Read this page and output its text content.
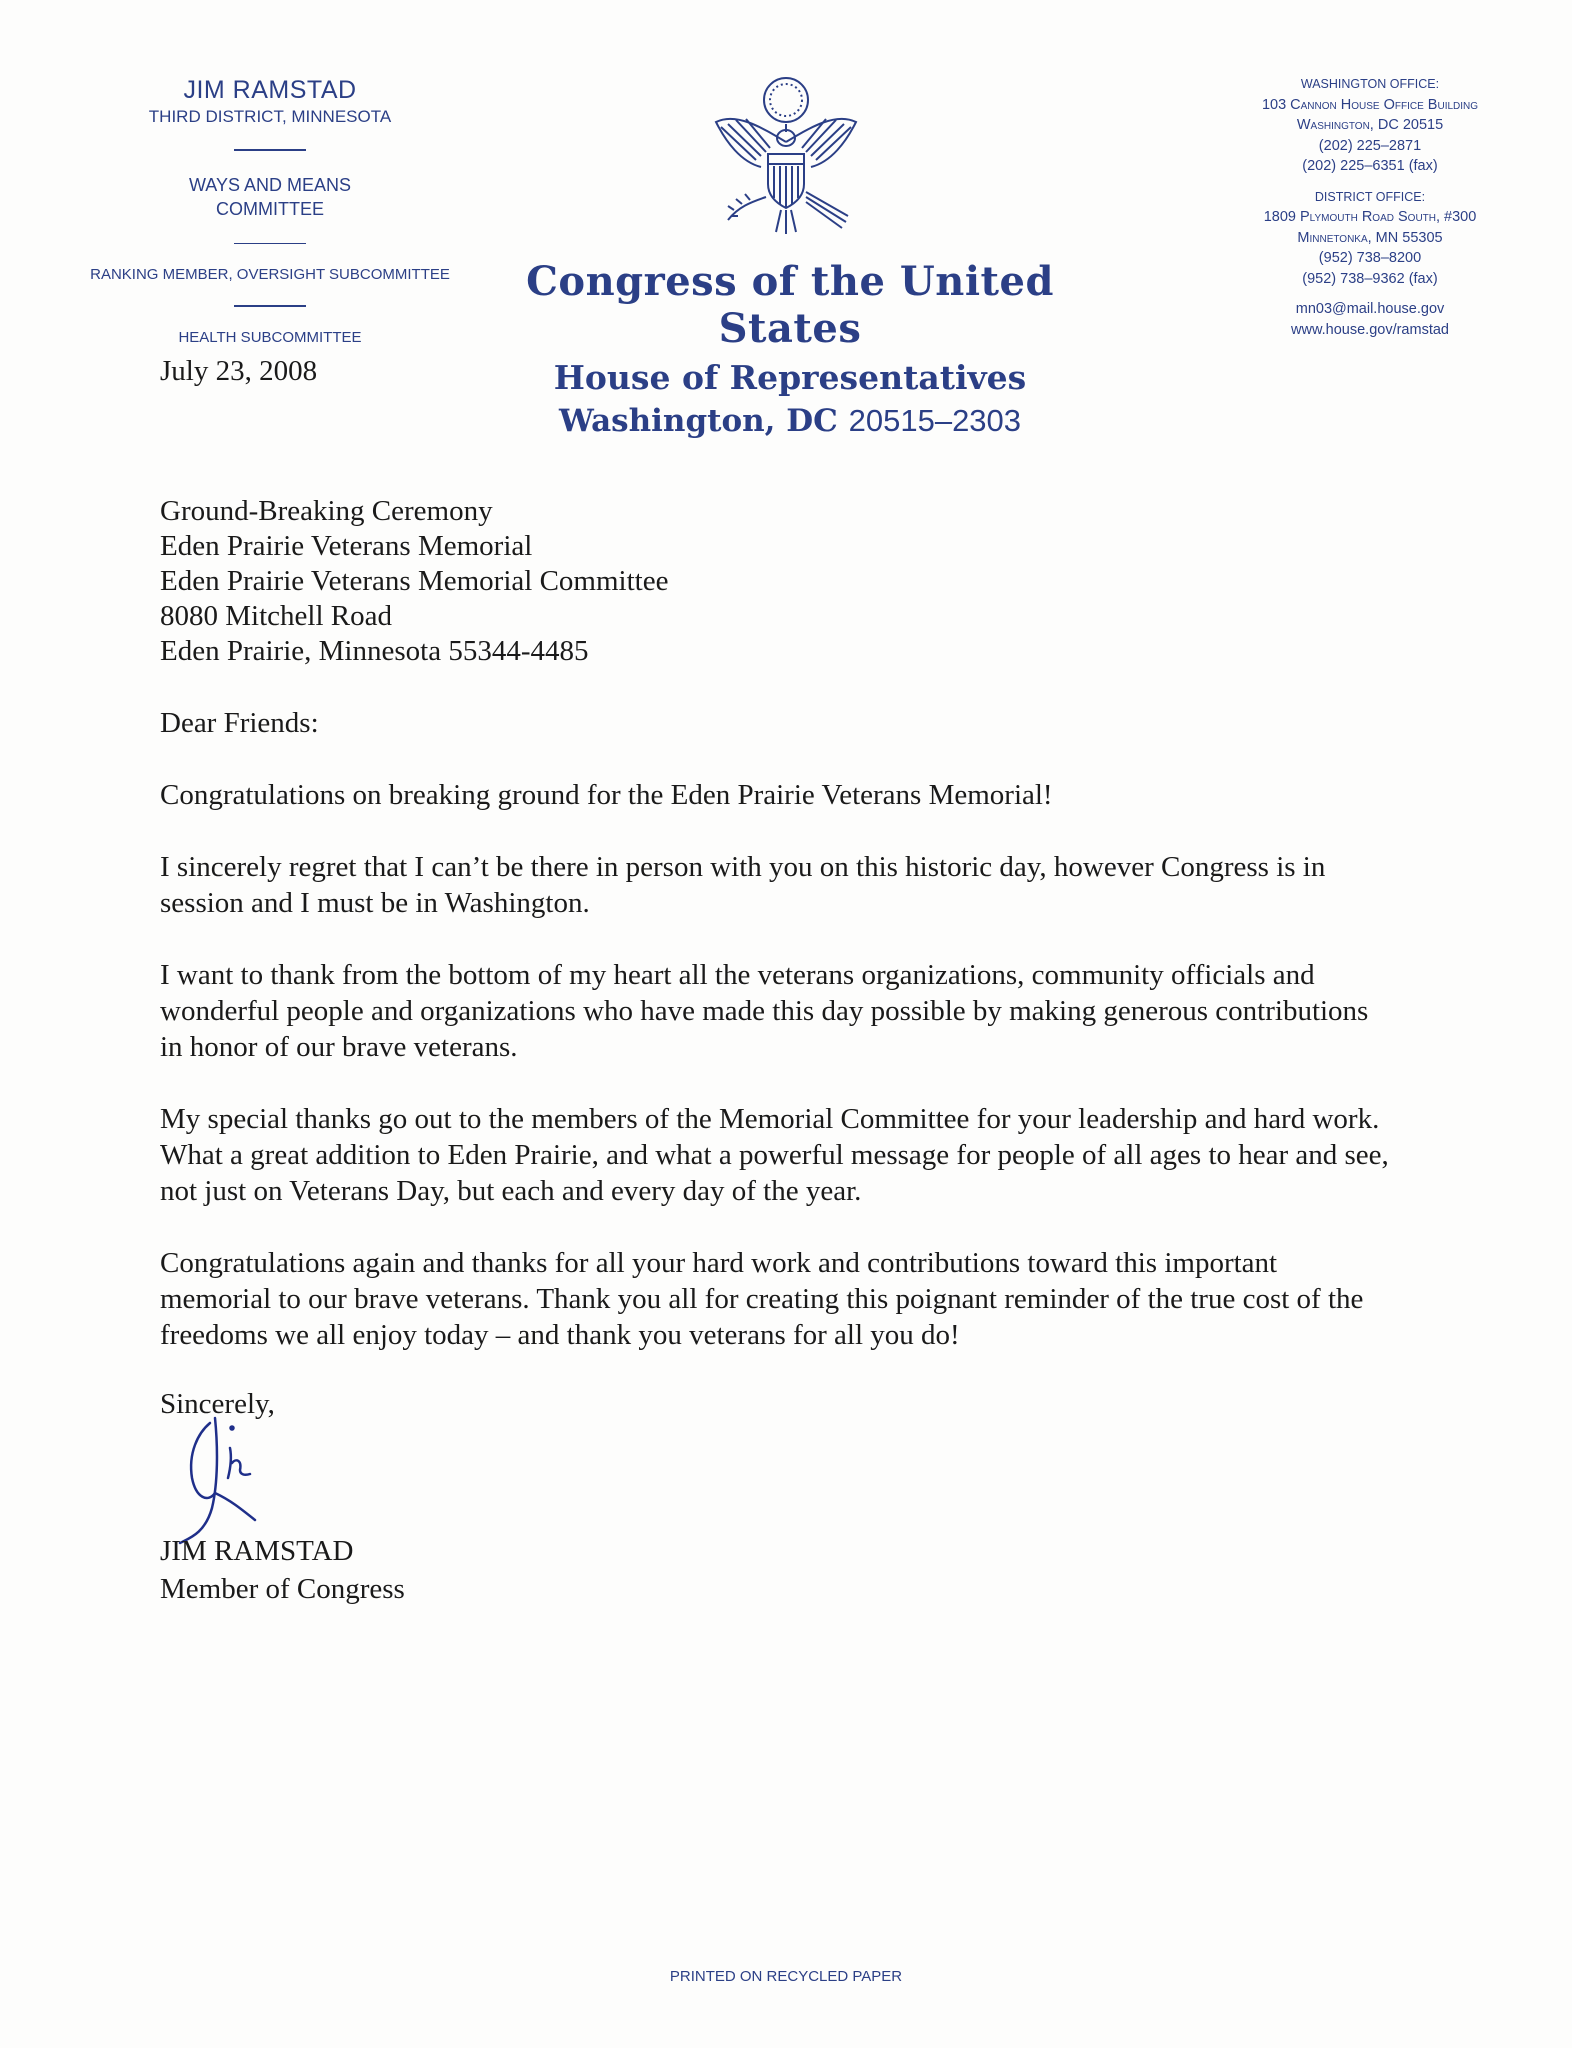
JIM RAMSTAD
THIRD DISTRICT, MINNESOTA
WAYS AND MEANS COMMITTEE
RANKING MEMBER, OVERSIGHT SUBCOMMITTEE
HEALTH SUBCOMMITTEE
July 23, 2008
Congress of the United States
House of Representatives
Washington, DC 20515–2303
WASHINGTON OFFICE:
103 Cannon House Office Building
Washington, DC 20515
(202) 225–2871
(202) 225–6351 (fax)
DISTRICT OFFICE:
1809 Plymouth Road South, #300
Minnetonka, MN 55305
(952) 738–8200
(952) 738–9362 (fax)
mn03@mail.house.gov
www.house.gov/ramstad
Ground-Breaking Ceremony
Eden Prairie Veterans Memorial
Eden Prairie Veterans Memorial Committee
8080 Mitchell Road
Eden Prairie, Minnesota 55344-4485

Dear Friends:

Congratulations on breaking ground for the Eden Prairie Veterans Memorial!

I sincerely regret that I can’t be there in person with you on this historic day, however Congress is in session and I must be in Washington.

I want to thank from the bottom of my heart all the veterans organizations, community officials and wonderful people and organizations who have made this day possible by making generous contributions in honor of our brave veterans.

My special thanks go out to the members of the Memorial Committee for your leadership and hard work. What a great addition to Eden Prairie, and what a powerful message for people of all ages to hear and see, not just on Veterans Day, but each and every day of the year.

Congratulations again and thanks for all your hard work and contributions toward this important memorial to our brave veterans. Thank you all for creating this poignant reminder of the true cost of the freedoms we all enjoy today – and thank you veterans for all you do!

Sincerely,
JIM RAMSTAD
Member of Congress
PRINTED ON RECYCLED PAPER
